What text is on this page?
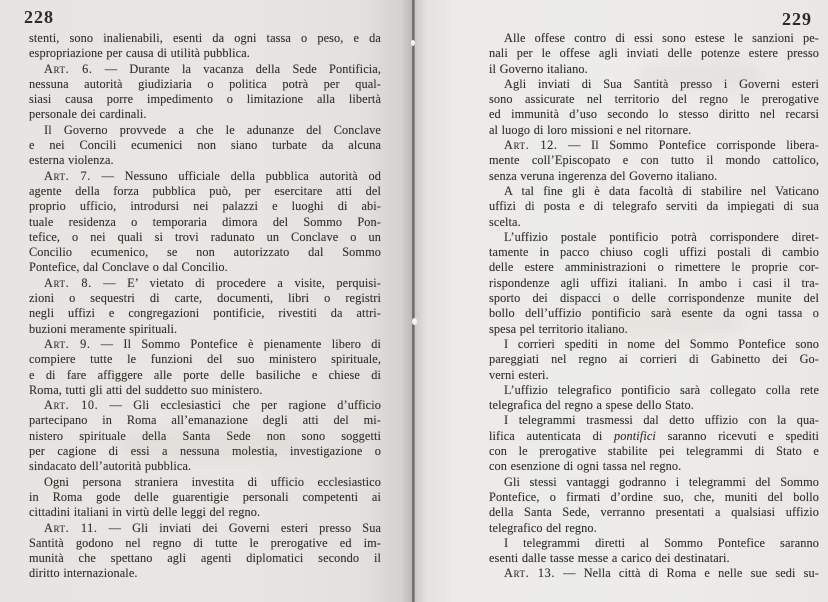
228
stenti, sono inalienabili, esenti da ogni tassa o peso, e da
espropriazione per causa di utilità pubblica.
Art. 6. — Durante la vacanza della Sede Pontificia,
nessuna autorità giudiziaria o politica potrà per qual-
siasi causa porre impedimento o limitazione alla libertà
personale dei cardinali.
Il Governo provvede a che le adunanze del Conclave
e nei Concili ecumenici non siano turbate da alcuna
esterna violenza.
Art. 7. — Nessuno ufficiale della pubblica autorità od
agente della forza pubblica può, per esercitare atti del
proprio ufficio, introdursi nei palazzi e luoghi di abi-
tuale residenza o temporaria dimora del Sommo Pon-
tefice, o nei quali si trovi radunato un Conclave o un
Concilio ecumenico, se non autorizzato dal Sommo
Pontefice, dal Conclave o dal Concilio.
Art. 8. — E’ vietato di procedere a visite, perquisi-
zioni o sequestri di carte, documenti, libri o registri
negli uffizi e congregazioni pontificie, rivestiti da attri-
buzioni meramente spirituali.
Art. 9. — Il Sommo Pontefice è pienamente libero di
compiere tutte le funzioni del suo ministero spirituale,
e di fare affiggere alle porte delle basiliche e chiese di
Roma, tutti gli atti del suddetto suo ministero.
Art. 10. — Gli ecclesiastici che per ragione d’ufficio
partecipano in Roma all’emanazione degli atti del mi-
nistero spirituale della Santa Sede non sono soggetti
per cagione di essi a nessuna molestia, investigazione o
sindacato dell’autorità pubblica.
Ogni persona straniera investita di ufficio ecclesiastico
in Roma gode delle guarentigie personali competenti ai
cittadini italiani in virtù delle leggi del regno.
Art. 11. — Gli inviati dei Governi esteri presso Sua
Santità godono nel regno di tutte le prerogative ed im-
munità che spettano agli agenti diplomatici secondo il
diritto internazionale.
229
Alle offese contro di essi sono estese le sanzioni pe-
nali per le offese agli inviati delle potenze estere presso
il Governo italiano.
Agli inviati di Sua Santità presso i Governi esteri
sono assicurate nel territorio del regno le prerogative
ed immunità d’uso secondo lo stesso diritto nel recarsi
al luogo di loro missioni e nel ritornare.
Art. 12. — Il Sommo Pontefice corrisponde libera-
mente coll’Episcopato e con tutto il mondo cattolico,
senza veruna ingerenza del Governo italiano.
A tal fine gli è data facoltà di stabilire nel Vaticano
uffizi di posta e di telegrafo serviti da impiegati di sua
scelta.
L’uffizio postale pontificio potrà corrispondere diret-
tamente in pacco chiuso cogli uffizi postali di cambio
delle estere amministrazioni o rimettere le proprie cor-
rispondenze agli uffizi italiani. In ambo i casi il tra-
sporto dei dispacci o delle corrispondenze munite del
bollo dell’uffizio pontificio sarà esente da ogni tassa o
spesa pel territorio italiano.
I corrieri spediti in nome del Sommo Pontefice sono
pareggiati nel regno ai corrieri di Gabinetto dei Go-
verni esteri.
L’uffizio telegrafico pontificio sarà collegato colla rete
telegrafica del regno a spese dello Stato.
I telegrammi trasmessi dal detto uffizio con la qua-
lifica autenticata di pontifici saranno ricevuti e spediti
con le prerogative stabilite pei telegrammi di Stato e
con esenzione di ogni tassa nel regno.
Gli stessi vantaggi godranno i telegrammi del Sommo
Pontefice, o firmati d’ordine suo, che, muniti del bollo
della Santa Sede, verranno presentati a qualsiasi uffizio
telegrafico del regno.
I telegrammi diretti al Sommo Pontefice saranno
esenti dalle tasse messe a carico dei destinatari.
Art. 13. — Nella città di Roma e nelle sue sedi su-
